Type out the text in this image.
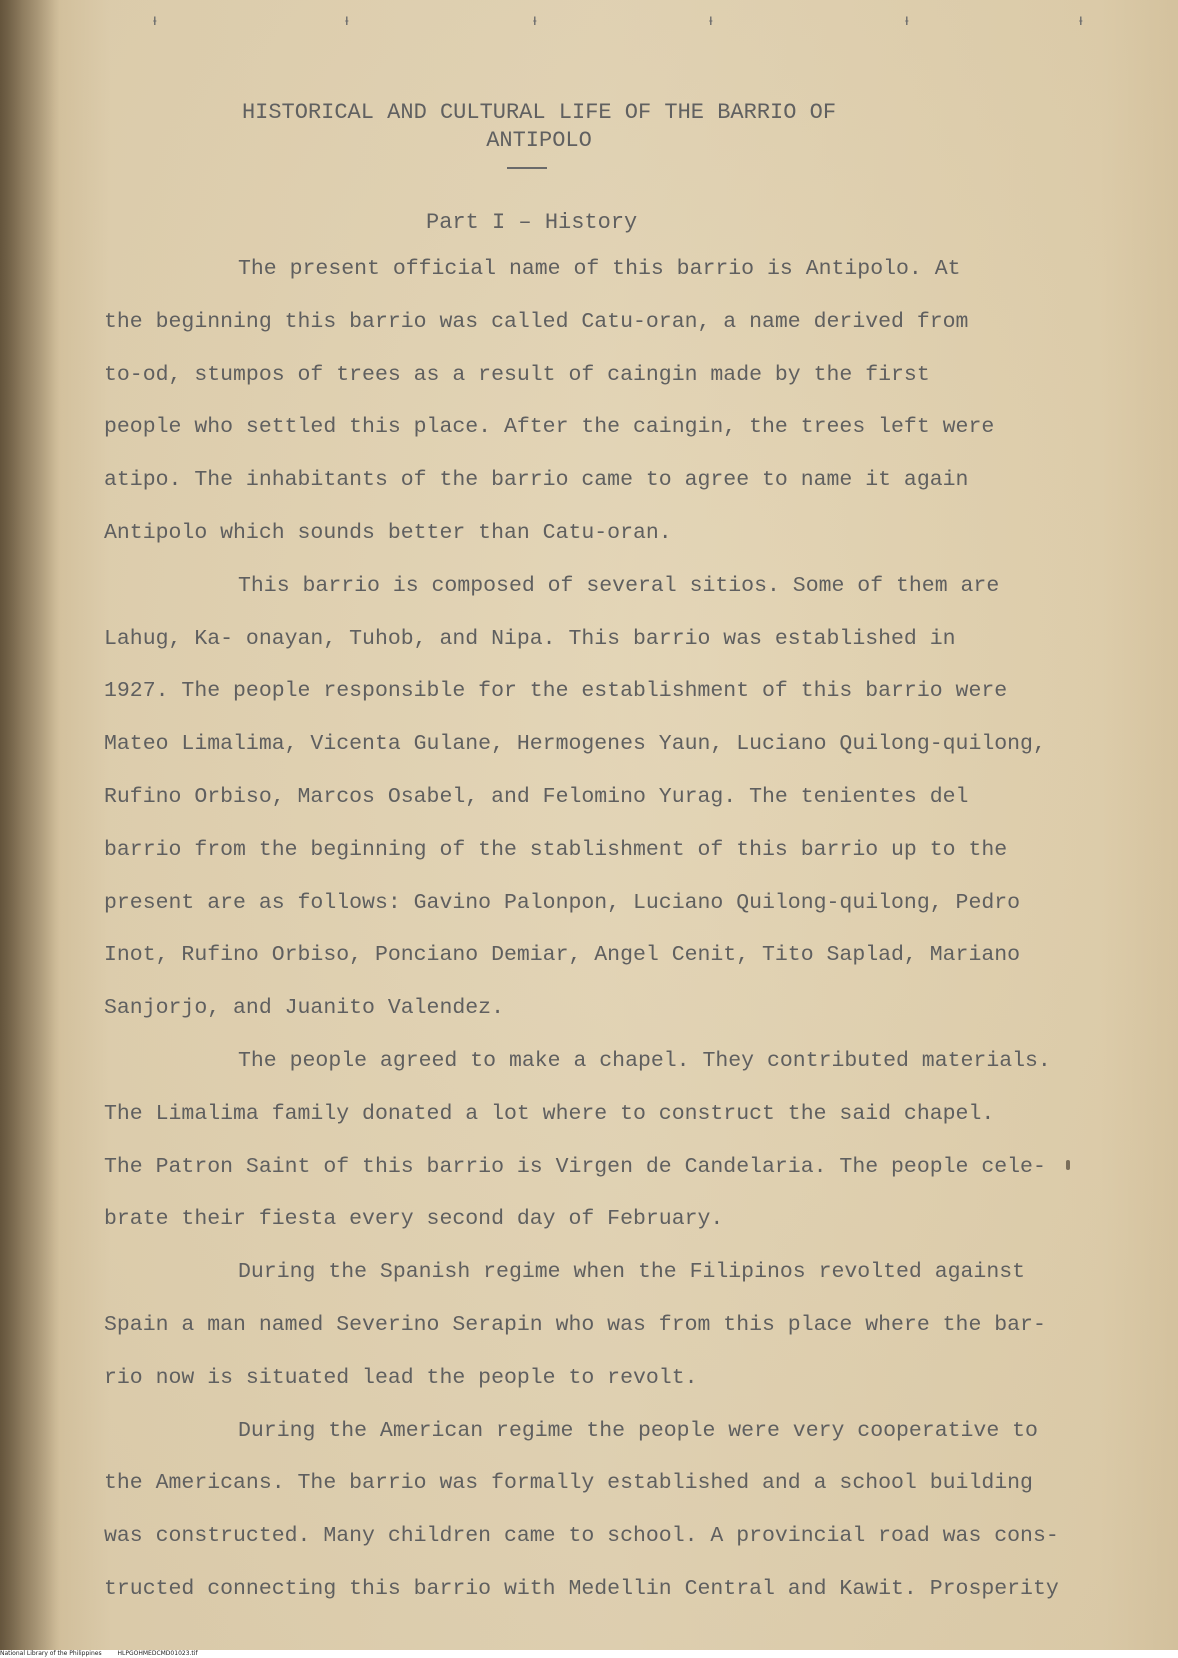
ᵻ	ᵻ	ᵻ	ᵻ	ᵻ	ᵻ
HISTORICAL AND CULTURAL LIFE OF THE BARRIO OF
ANTIPOLO
Part I – History
The present official name of this barrio is Antipolo. At
the beginning this barrio was called Catu-oran, a name derived from
to-od, stumpos of trees as a result of caingin made by the first
people who settled this place. After the caingin, the trees left were
atipo. The inhabitants of the barrio came to agree to name it again
Antipolo which sounds better than Catu-oran.
This barrio is composed of several sitios. Some of them are
Lahug, Ka- onayan, Tuhob, and Nipa. This barrio was established in
1927. The people responsible for the establishment of this barrio were
Mateo Limalima, Vicenta Gulane, Hermogenes Yaun, Luciano Quilong-quilong,
Rufino Orbiso, Marcos Osabel, and Felomino Yurag. The tenientes del
barrio from the beginning of the stablishment of this barrio up to the
present are as follows: Gavino Palonpon, Luciano Quilong-quilong, Pedro
Inot, Rufino Orbiso, Ponciano Demiar, Angel Cenit, Tito Saplad, Mariano
Sanjorjo, and Juanito Valendez.
The people agreed to make a chapel. They contributed materials.
The Limalima family donated a lot where to construct the said chapel.
The Patron Saint of this barrio is Virgen de Candelaria. The people cele-
brate their fiesta every second day of February.
During the Spanish regime when the Filipinos revolted against
Spain a man named Severino Serapin who was from this place where the bar-
rio now is situated lead the people to revolt.
During the American regime the people were very cooperative to
the Americans. The barrio was formally established and a school building
was constructed. Many children came to school. A provincial road was cons-
tructed connecting this barrio with Medellin Central and Kawit. Prosperity
National Library of the Philippines	HLPGOHMEDCMD01023.tif
